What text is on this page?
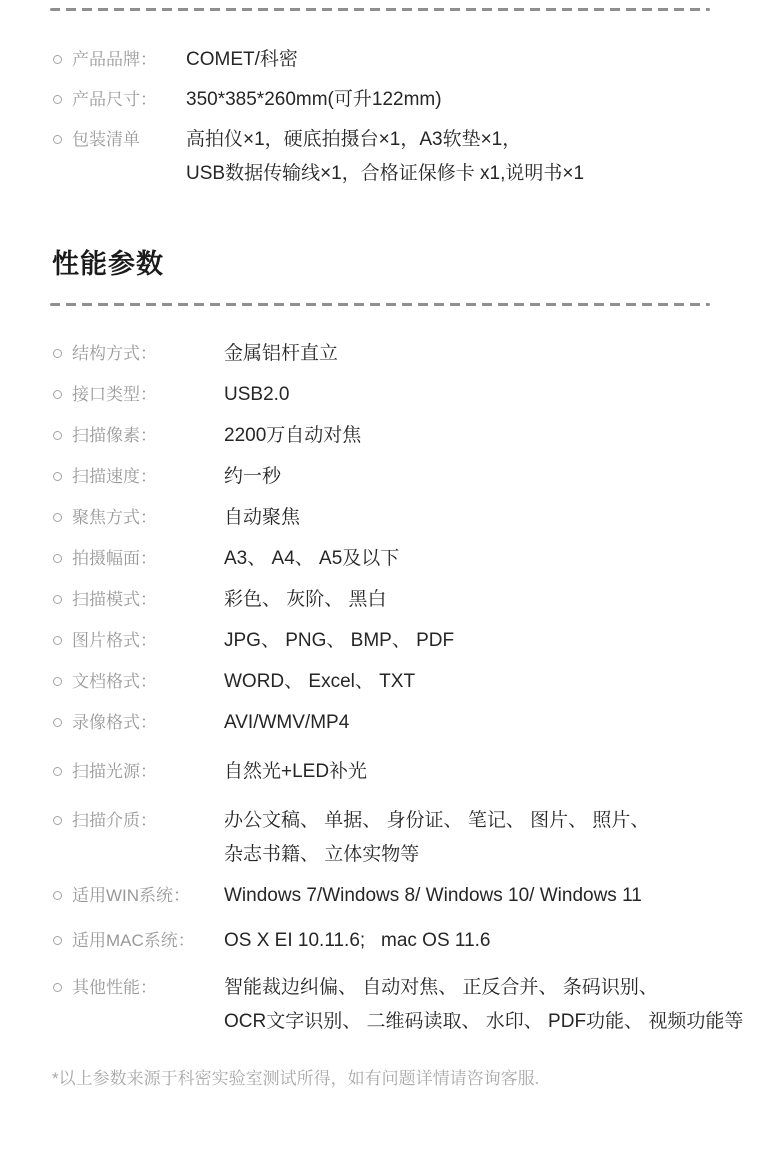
产品品牌：	COMET/科密
产品尺寸：	350*385*260mm(可升122mm)
包装清单	高拍仪×1，硬底拍摄台×1，A3软垫×1，
USB数据传输线×1，合格证保修卡 x1,说明书×1
性能参数
结构方式：	金属铝杆直立
接口类型：	USB2.0
扫描像素：	2200万自动对焦
扫描速度：	约一秒
聚焦方式：	自动聚焦
拍摄幅面：	A3、 A4、 A5及以下
扫描模式：	彩色、 灰阶、 黑白
图片格式：	JPG、 PNG、 BMP、 PDF
文档格式：	WORD、 Excel、 TXT
录像格式：	AVI/WMV/MP4
扫描光源：	自然光+LED补光
扫描介质：	办公文稿、 单据、 身份证、 笔记、 图片、 照片、
杂志书籍、 立体实物等
适用WIN系统：	Windows 7/Windows 8/ Windows 10/ Windows 11
适用MAC系统：	OS X EI 10.11.6;   mac OS 11.6
其他性能：	智能裁边纠偏、 自动对焦、 正反合并、 条码识别、
OCR文字识别、 二维码读取、 水印、 PDF功能、 视频功能等

*以上参数来源于科密实验室测试所得，如有问题详情请咨询客服.
